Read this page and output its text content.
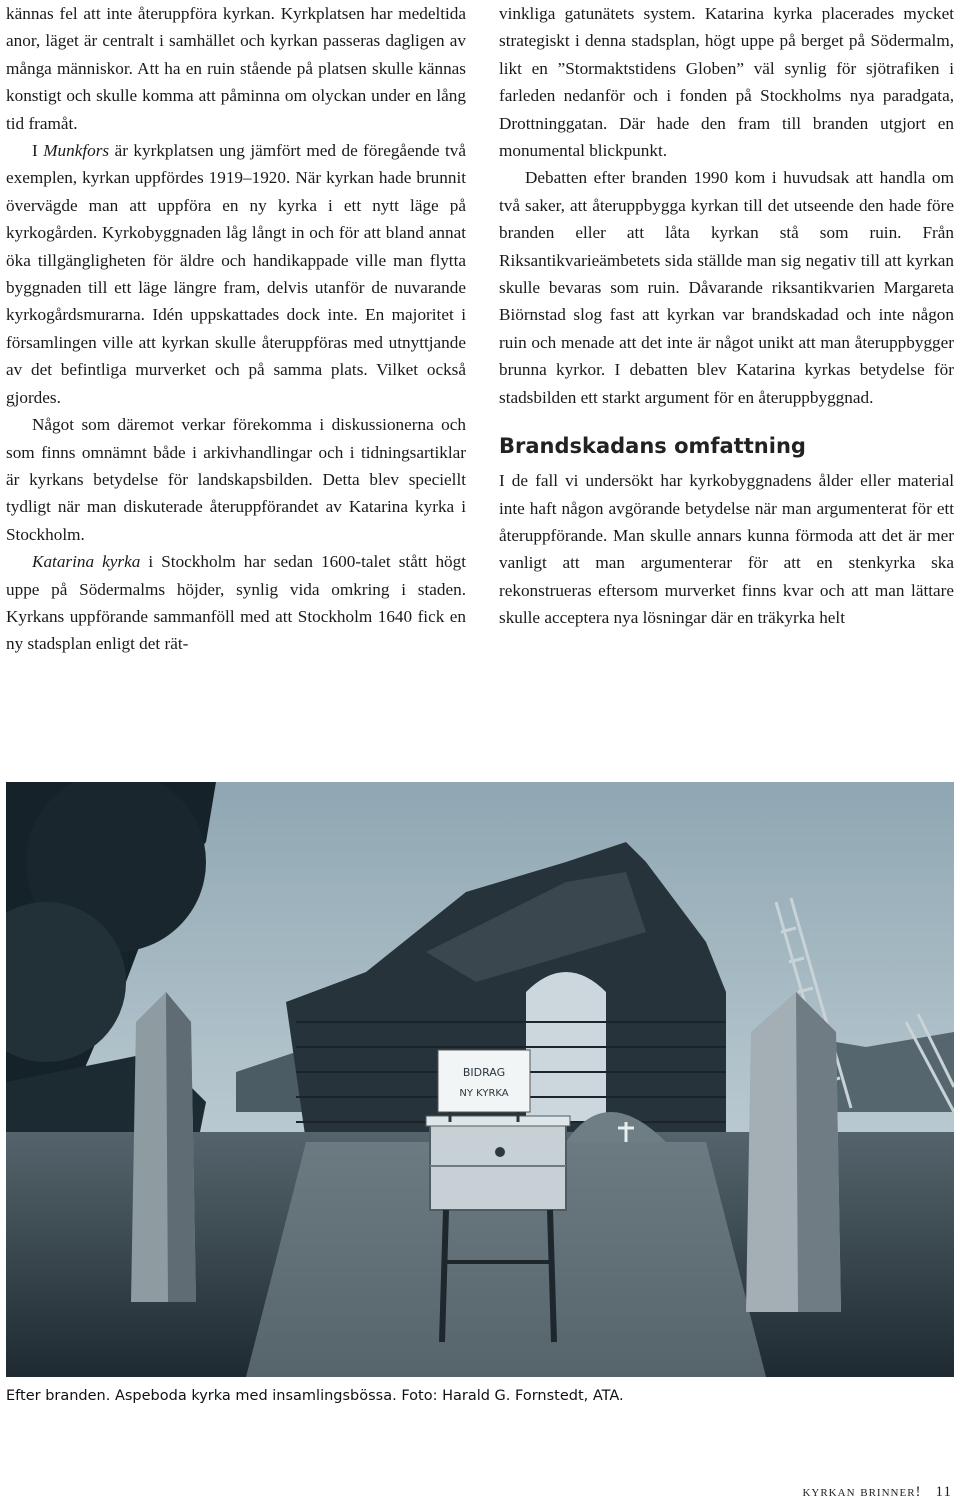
kännas fel att inte återuppföra kyrkan. Kyrkplatsen har medeltida anor, läget är centralt i samhället och kyrkan passeras dagligen av många människor. Att ha en ruin stående på platsen skulle kännas konstigt och skulle komma att påminna om olyckan under en lång tid framåt.

I Munkfors är kyrkplatsen ung jämfört med de föregående två exemplen, kyrkan uppfördes 1919–1920. När kyrkan hade brunnit övervägde man att uppföra en ny kyrka i ett nytt läge på kyrkogården. Kyrkobyggnaden låg långt in och för att bland annat öka tillgängligheten för äldre och handikappade ville man flytta byggnaden till ett läge längre fram, delvis utanför de nuvarande kyrkogårdsmurarna. Idén uppskattades dock inte. En majoritet i församlingen ville att kyrkan skulle återuppföras med utnyttjande av det befintliga murverket och på samma plats. Vilket också gjordes.

Något som däremot verkar förekomma i diskussionerna och som finns omnämnt både i arkivhandlingar och i tidningsartiklar är kyrkans betydelse för landskapsbilden. Detta blev speciellt tydligt när man diskuterade återuppförandet av Katarina kyrka i Stockholm.

Katarina kyrka i Stockholm har sedan 1600-talet stått högt uppe på Södermalms höjder, synlig vida omkring i staden. Kyrkans uppförande sammanföll med att Stockholm 1640 fick en ny stadsplan enligt det rät-

vinkliga gatunätets system. Katarina kyrka placerades mycket strategiskt i denna stadsplan, högt uppe på berget på Södermalm, likt en ”Stormaktstidens Globen” väl synlig för sjötrafiken i farleden nedanför och i fonden på Stockholms nya paradgata, Drottninggatan. Där hade den fram till branden utgjort en monumental blickpunkt.

Debatten efter branden 1990 kom i huvudsak att handla om två saker, att återuppbygga kyrkan till det utseende den hade före branden eller att låta kyrkan stå som ruin. Från Riksantikvarieämbetets sida ställde man sig negativ till att kyrkan skulle bevaras som ruin. Dåvarande riksantikvarien Margareta Biörnstad slog fast att kyrkan var brandskadad och inte någon ruin och menade att det inte är något unikt att man återuppbygger brunna kyrkor. I debatten blev Katarina kyrkas betydelse för stadsbilden ett starkt argument för en återuppbyggnad.

Brandskadans omfattning

I de fall vi undersökt har kyrkobyggnadens ålder eller material inte haft någon avgörande betydelse när man argumenterat för ett återuppförande. Man skulle annars kunna förmoda att det är mer vanligt att man argumenterar för att en stenkyrka ska rekonstrueras eftersom murverket finns kvar och att man lättare skulle acceptera nya lösningar där en träkyrka helt

BIDRAG
NY KYRKA
Efter branden. Aspeboda kyrka med insamlingsbössa. Foto: Harald G. Fornstedt, ATA.
kyrkan brinner! 11
